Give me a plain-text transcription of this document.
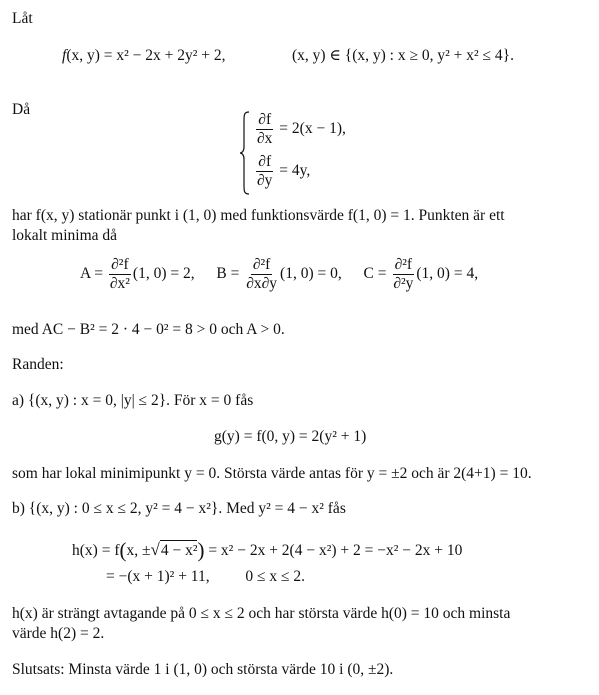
Låt
f(x, y) = x² − 2x + 2y² + 2,	(x, y) ∈ {(x, y) : x ≥ 0, y² + x² ≤ 4}.
Då
$\frac{\partial f}{\partial x} = 2(x - 1)$,
$\frac{\partial f}{\partial y} = 4y$,
har f(x, y) stationär punkt i (1, 0) med funktionsvärde f(1, 0) = 1. Punkten är ett
lokalt minima då
$A = \frac{\text{∂²f}}{\text{∂x²}} (1$, 0) = 2, $B = \frac{\text{∂²f}}{\partial x\partial y} (1$, 0) = 0, $C = \frac{\text{∂²f}}{\text{∂²y}} (1$, 0) = 4,
med AC − B² = 2 · 4 − 0² = 8 > 0 och A > 0.
Randen:
a) {(x, y) : x = 0, |y| ≤ 2}. För x = 0 fås
g(y) = f(0, y) = 2(y² + 1)
som har lokal minimipunkt y = 0. Största värde antas för y = ±2 och är 2(4+1) = 10.
b) {(x, y) : 0 ≤ x ≤ 2, y² = 4 − x²}. Med y² = 4 − x² fås
h(x) = f(x, ±√4 − x²) = x² − 2x + 2(4 − x²) + 2 = −x² − 2x + 10
= −(x + 1)² + 11, 0 ≤ x ≤ 2.
h(x) är strängt avtagande på 0 ≤ x ≤ 2 och har största värde h(0) = 10 och minsta
värde h(2) = 2.
Slutsats: Minsta värde 1 i (1, 0) och största värde 10 i (0, ±2).
